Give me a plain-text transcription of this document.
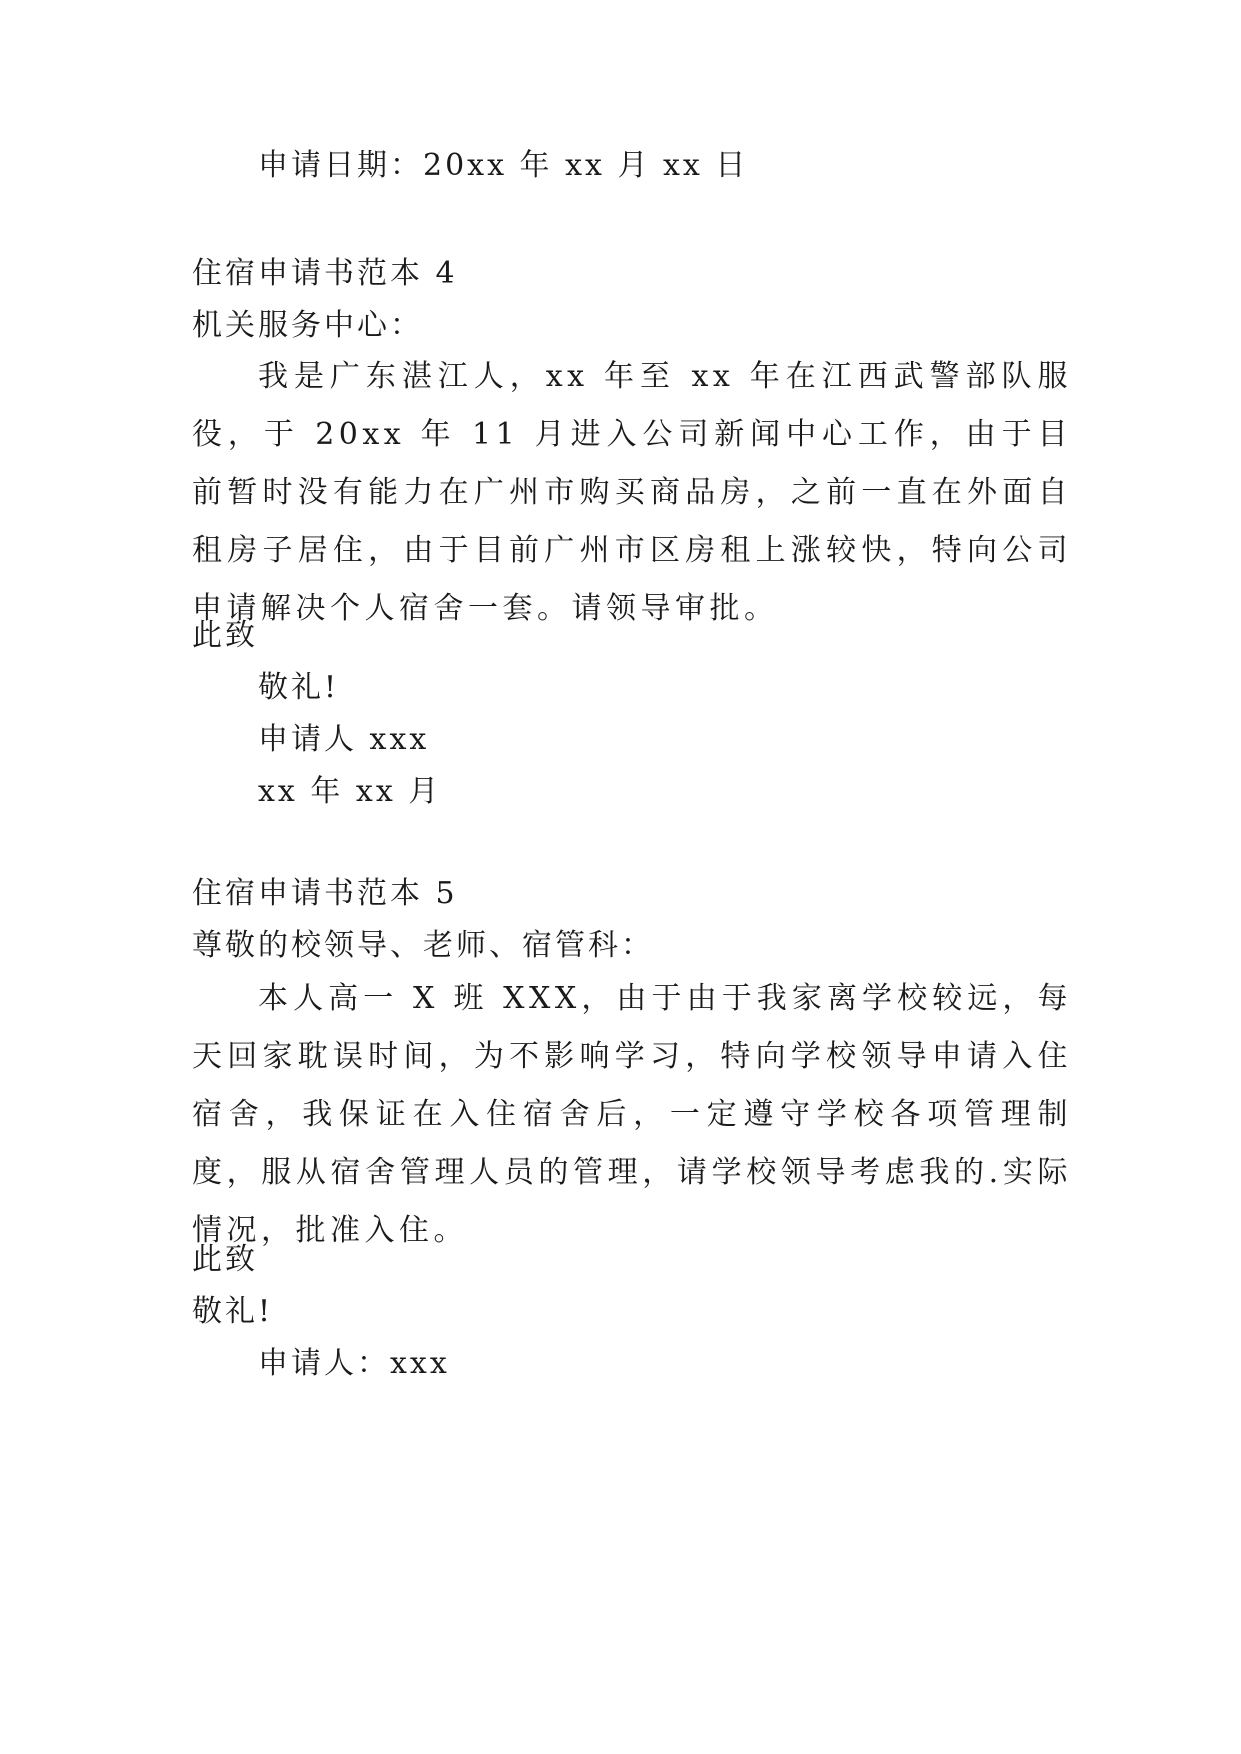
申请日期：20xx 年 xx 月 xx 日
住宿申请书范本 4
机关服务中心：
我是广东湛江人，xx 年至 xx 年在江西武警部队服役，于 20xx 年 11 月进入公司新闻中心工作，由于目前暂时没有能力在广州市购买商品房，之前一直在外面自租房子居住，由于目前广州市区房租上涨较快，特向公司申请解决个人宿舍一套。请领导审批。
此致
敬礼!
申请人 xxx
xx 年 xx 月
住宿申请书范本 5
尊敬的校领导、老师、宿管科：
本人高一 X 班 XXX，由于由于我家离学校较远，每天回家耽误时间，为不影响学习，特向学校领导申请入住宿舍，我保证在入住宿舍后，一定遵守学校各项管理制度，服从宿舍管理人员的管理，请学校领导考虑我的.实际情况，批准入住。
此致
敬礼!
申请人：xxx
